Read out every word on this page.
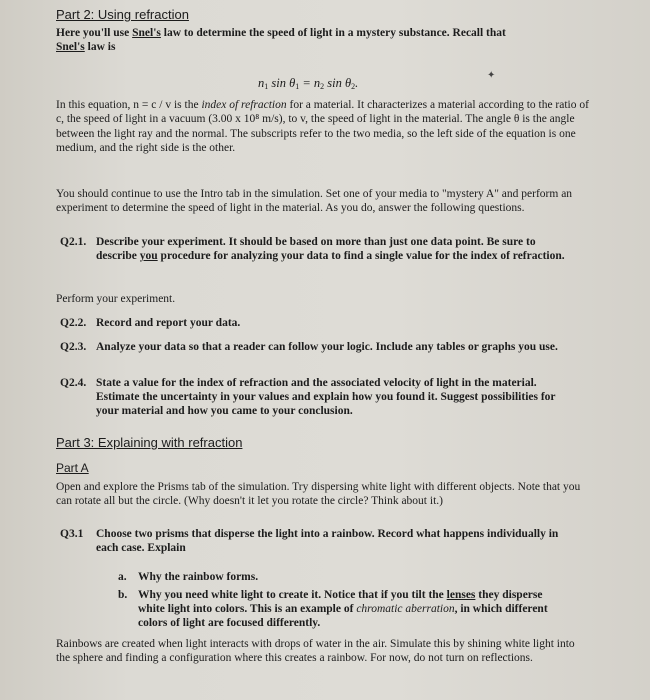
Part 2: Using refraction
Here you'll use Snel's law to determine the speed of light in a mystery substance. Recall that
Snel's law is
$n_1$ $\sin \theta_1 = n_2$ $\sin \theta_2$.
✦
In this equation, n = c / v is the index of refraction for a material. It characterizes a material according to the ratio of c, the speed of light in a vacuum (3.00 x 10⁸ m/s), to v, the speed of light in the material. The angle θ is the angle between the light ray and the normal. The subscripts refer to the two media, so the left side of the equation is one medium, and the right side is the other.
You should continue to use the Intro tab in the simulation. Set one of your media to "mystery A" and perform an experiment to determine the speed of light in the material. As you do, answer the following questions.
Q2.1. Describe your experiment. It should be based on more than just one data point. Be sure to describe you procedure for analyzing your data to find a single value for the index of refraction.
Perform your experiment.
Q2.2. Record and report your data.
Q2.3. Analyze your data so that a reader can follow your logic. Include any tables or graphs you use.
Q2.4. State a value for the index of refraction and the associated velocity of light in the material. Estimate the uncertainty in your values and explain how you found it. Suggest possibilities for your material and how you came to your conclusion.
Part 3: Explaining with refraction
Part A
Open and explore the Prisms tab of the simulation. Try dispersing white light with different objects. Note that you can rotate all but the circle. (Why doesn't it let you rotate the circle? Think about it.)
Q3.1 Choose two prisms that disperse the light into a rainbow. Record what happens individually in each case. Explain
a. Why the rainbow forms.
b. Why you need white light to create it. Notice that if you tilt the lenses they disperse white light into colors. This is an example of chromatic aberration, in which different colors of light are focused differently.
Rainbows are created when light interacts with drops of water in the air. Simulate this by shining white light into the sphere and finding a configuration where this creates a rainbow. For now, do not turn on reflections.
